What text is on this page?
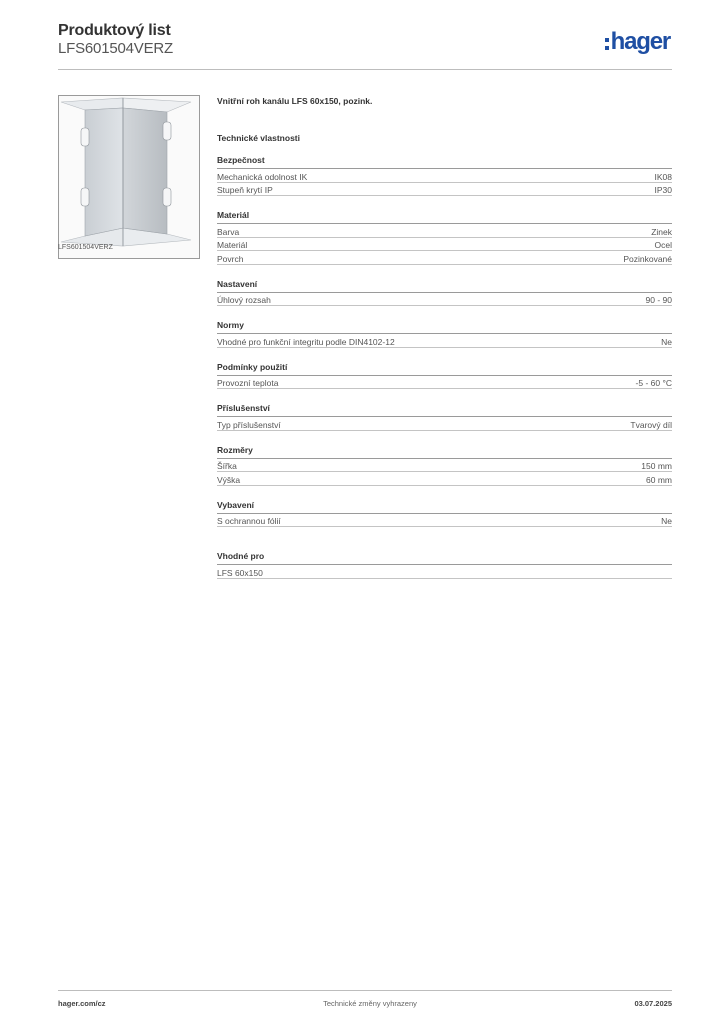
Produktový list
LFS601504VERZ	hager
LFS601504VERZ
Vnitřní roh kanálu LFS 60x150, pozink.
Technické vlastnosti
Bezpečnost
Mechanická odolnost IK	IK08
Stupeň krytí IP	IP30
Materiál
Barva	Zinek
Materiál	Ocel
Povrch	Pozinkované
Nastavení
Úhlový rozsah	90 - 90
Normy
Vhodné pro funkční integritu podle DIN4102-12	Ne
Podmínky použití
Provozní teplota	-5 - 60 °C
Příslušenství
Typ příslušenství	Tvarový díl
Rozměry
Šířka	150 mm
Výška	60 mm
Vybavení
S ochrannou fólií	Ne
Vhodné pro
LFS 60x150
hager.com/cz	Technické změny vyhrazeny	03.07.2025
